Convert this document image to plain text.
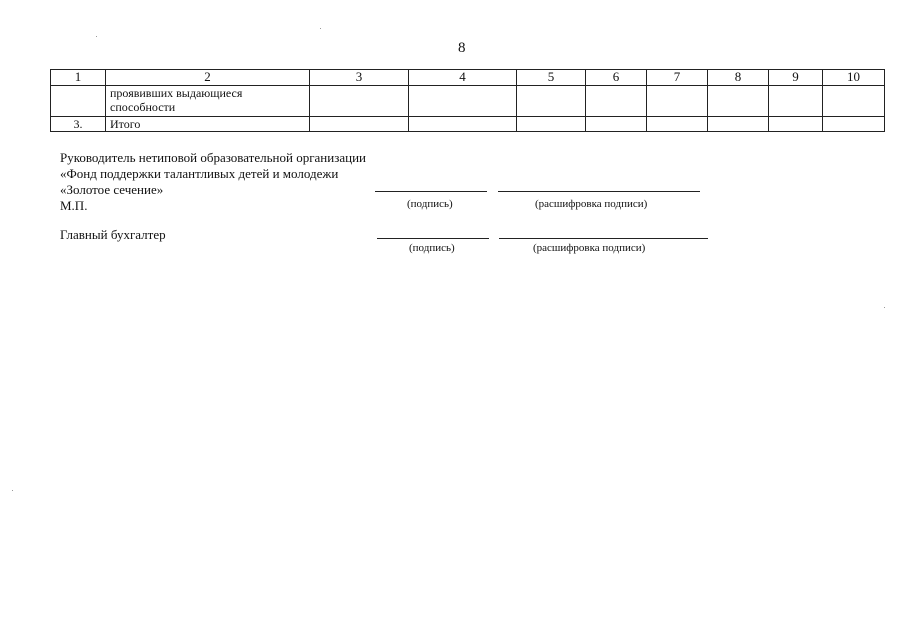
8
1	2	3	4	5	6	7	8	9	10

	проявивших выдающиеся
способности								

3.	Итого								

Руководитель нетиповой образовательной организации
«Фонд поддержки талантливых детей и молодежи
«Золотое сечение»
М.П.	(подпись)	(расшифровка подписи)
Главный бухгалтер
(подпись)	(расшифровка подписи)
